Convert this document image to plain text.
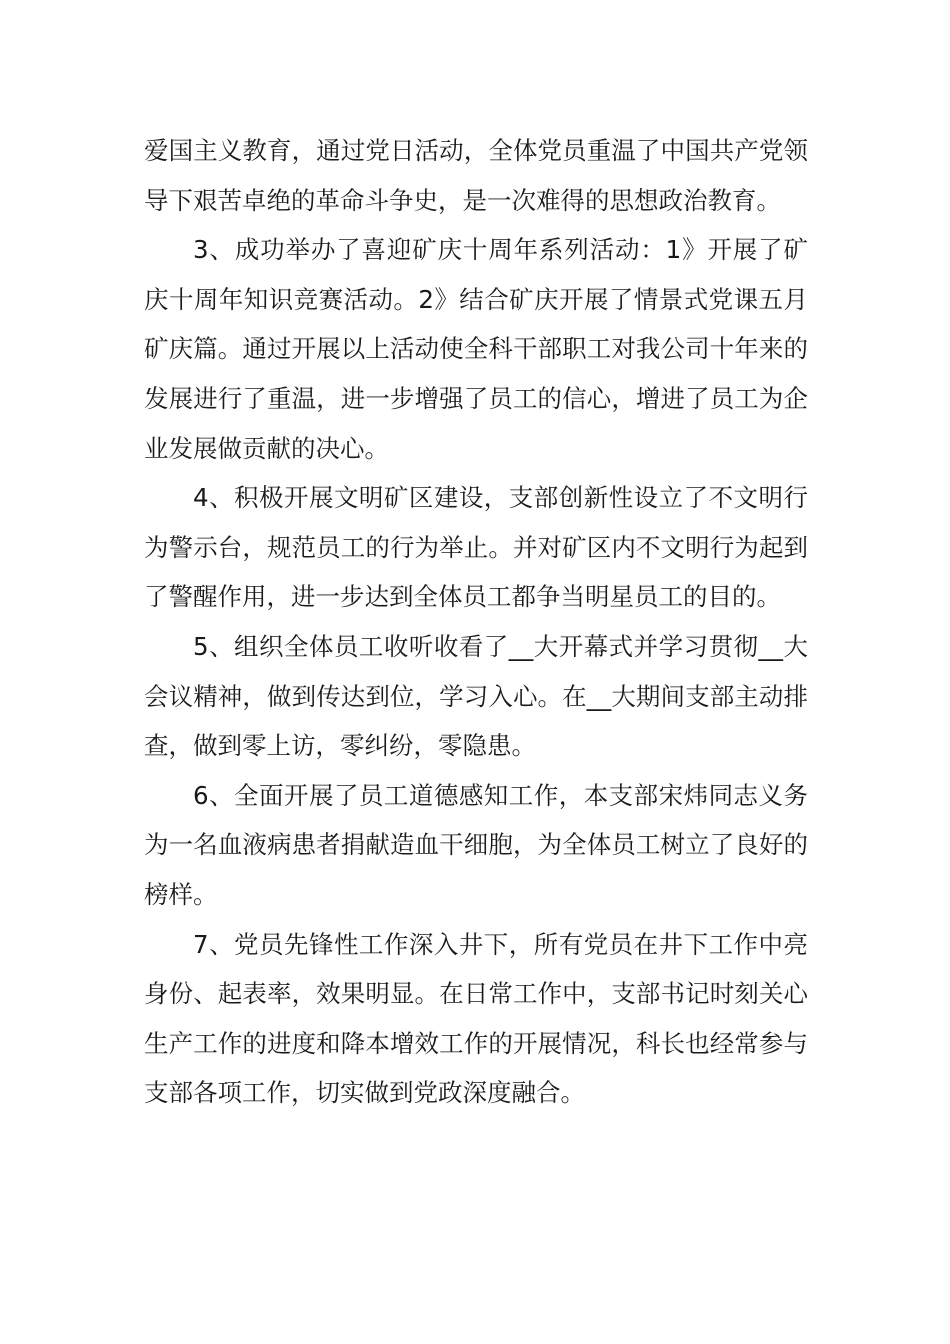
爱国主义教育，通过党日活动，全体党员重温了中国共产党领导下艰苦卓绝的革命斗争史，是一次难得的思想政治教育。

3、成功举办了喜迎矿庆十周年系列活动：1》开展了矿庆十周年知识竞赛活动。2》结合矿庆开展了情景式党课五月矿庆篇。通过开展以上活动使全科干部职工对我公司十年来的发展进行了重温，进一步增强了员工的信心，增进了员工为企业发展做贡献的决心。

4、积极开展文明矿区建设，支部创新性设立了不文明行为警示台，规范员工的行为举止。并对矿区内不文明行为起到了警醒作用，进一步达到全体员工都争当明星员工的目的。

5、组织全体员工收听收看了__大开幕式并学习贯彻__大会议精神，做到传达到位，学习入心。在__大期间支部主动排查，做到零上访，零纠纷，零隐患。

6、全面开展了员工道德感知工作，本支部宋炜同志义务为一名血液病患者捐献造血干细胞，为全体员工树立了良好的榜样。

7、党员先锋性工作深入井下，所有党员在井下工作中亮身份、起表率，效果明显。在日常工作中，支部书记时刻关心生产工作的进度和降本增效工作的开展情况，科长也经常参与支部各项工作，切实做到党政深度融合。
